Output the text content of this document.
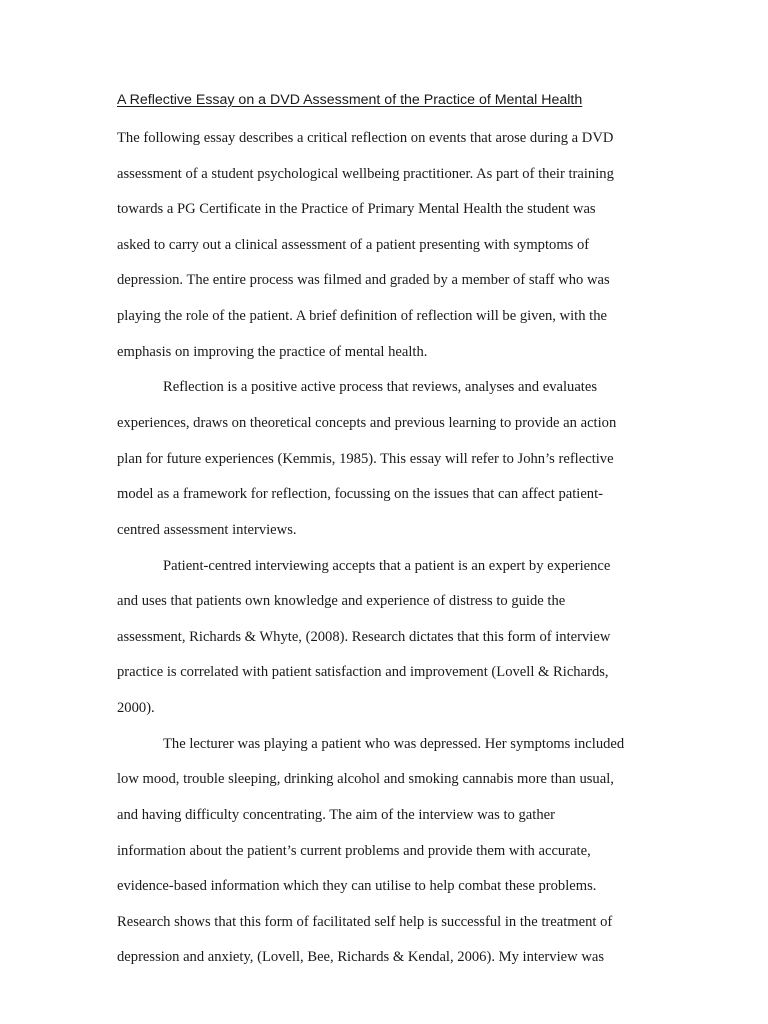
A Reflective Essay on a DVD Assessment of the Practice of Mental Health

The following essay describes a critical reflection on events that arose during a DVD

assessment of a student psychological wellbeing practitioner. As part of their training

towards a PG Certificate in the Practice of Primary Mental Health the student was

asked to carry out a clinical assessment of a patient presenting with symptoms of

depression. The entire process was filmed and graded by a member of staff who was

playing the role of the patient. A brief definition of reflection will be given, with the

emphasis on improving the practice of mental health.

Reflection is a positive active process that reviews, analyses and evaluates

experiences, draws on theoretical concepts and previous learning to provide an action

plan for future experiences (Kemmis, 1985). This essay will refer to John’s reflective

model as a framework for reflection, focussing on the issues that can affect patient-

centred assessment interviews.

Patient-centred interviewing accepts that a patient is an expert by experience

and uses that patients own knowledge and experience of distress to guide the

assessment, Richards & Whyte, (2008). Research dictates that this form of interview

practice is correlated with patient satisfaction and improvement (Lovell & Richards,

2000).

The lecturer was playing a patient who was depressed. Her symptoms included

low mood, trouble sleeping, drinking alcohol and smoking cannabis more than usual,

and having difficulty concentrating. The aim of the interview was to gather

information about the patient’s current problems and provide them with accurate,

evidence-based information which they can utilise to help combat these problems.

Research shows that this form of facilitated self help is successful in the treatment of

depression and anxiety, (Lovell, Bee, Richards & Kendal, 2006). My interview was
